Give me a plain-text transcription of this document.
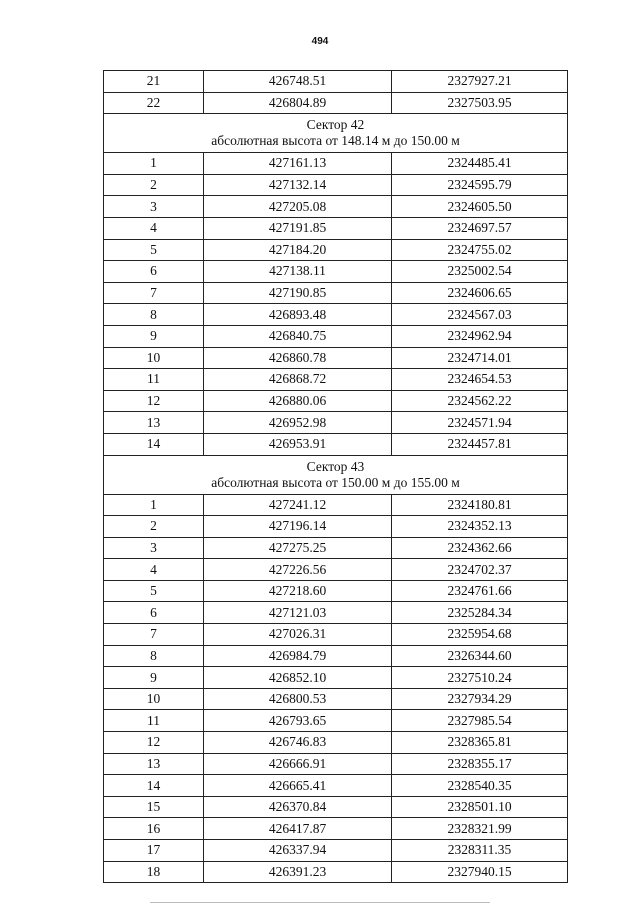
494
21	426748.51	2327927.21
22	426804.89	2327503.95

Сектор 42
абсолютная высота от 148.14 м до 150.00 м		

1	427161.13	2324485.41
2	427132.14	2324595.79
3	427205.08	2324605.50
4	427191.85	2324697.57
5	427184.20	2324755.02
6	427138.11	2325002.54
7	427190.85	2324606.65
8	426893.48	2324567.03
9	426840.75	2324962.94
10	426860.78	2324714.01
11	426868.72	2324654.53
12	426880.06	2324562.22
13	426952.98	2324571.94
14	426953.91	2324457.81

Сектор 43
абсолютная высота от 150.00 м до 155.00 м		

1	427241.12	2324180.81
2	427196.14	2324352.13
3	427275.25	2324362.66
4	427226.56	2324702.37
5	427218.60	2324761.66
6	427121.03	2325284.34
7	427026.31	2325954.68
8	426984.79	2326344.60
9	426852.10	2327510.24
10	426800.53	2327934.29
11	426793.65	2327985.54
12	426746.83	2328365.81
13	426666.91	2328355.17
14	426665.41	2328540.35
15	426370.84	2328501.10
16	426417.87	2328321.99
17	426337.94	2328311.35
18	426391.23	2327940.15
